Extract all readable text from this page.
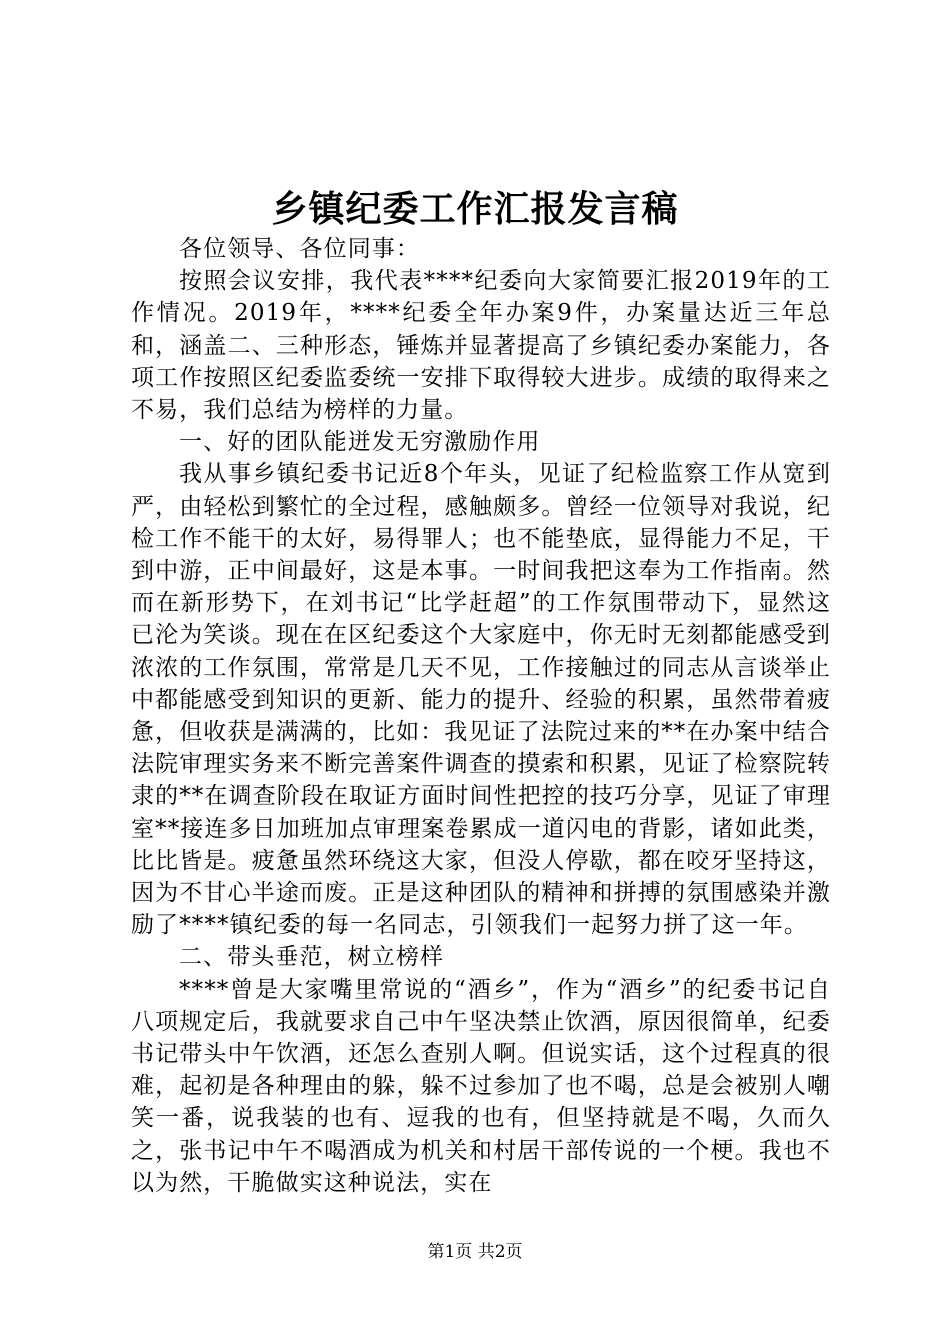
乡镇纪委工作汇报发言稿

各位领导、各位同事：

按照会议安排，我代表****纪委向大家简要汇报2019年的工作情况。2019年，****纪委全年办案9件，办案量达近三年总和，涵盖二、三种形态，锤炼并显著提高了乡镇纪委办案能力，各项工作按照区纪委监委统一安排下取得较大进步。成绩的取得来之不易，我们总结为榜样的力量。

一、好的团队能迸发无穷激励作用

我从事乡镇纪委书记近8个年头，见证了纪检监察工作从宽到严，由轻松到繁忙的全过程，感触颇多。曾经一位领导对我说，纪检工作不能干的太好，易得罪人；也不能垫底，显得能力不足，干到中游，正中间最好，这是本事。一时间我把这奉为工作指南。然而在新形势下，在刘书记“比学赶超”的工作氛围带动下，显然这已沦为笑谈。现在在区纪委这个大家庭中，你无时无刻都能感受到浓浓的工作氛围，常常是几天不见，工作接触过的同志从言谈举止中都能感受到知识的更新、能力的提升、经验的积累，虽然带着疲惫，但收获是满满的，比如：我见证了法院过来的**在办案中结合法院审理实务来不断完善案件调查的摸索和积累，见证了检察院转隶的**在调查阶段在取证方面时间性把控的技巧分享，见证了审理室**接连多日加班加点审理案卷累成一道闪电的背影，诸如此类，比比皆是。疲惫虽然环绕这大家，但没人停歇，都在咬牙坚持这，因为不甘心半途而废。正是这种团队的精神和拼搏的氛围感染并激励了****镇纪委的每一名同志，引领我们一起努力拼了这一年。

二、带头垂范，树立榜样

****曾是大家嘴里常说的“酒乡”，作为“酒乡”的纪委书记自八项规定后，我就要求自己中午坚决禁止饮酒，原因很简单，纪委书记带头中午饮酒，还怎么查别人啊。但说实话，这个过程真的很难，起初是各种理由的躲，躲不过参加了也不喝，总是会被别人嘲笑一番，说我装的也有、逗我的也有，但坚持就是不喝，久而久之，张书记中午不喝酒成为机关和村居干部传说的一个梗。我也不以为然，干脆做实这种说法，实在

第1页 共2页
